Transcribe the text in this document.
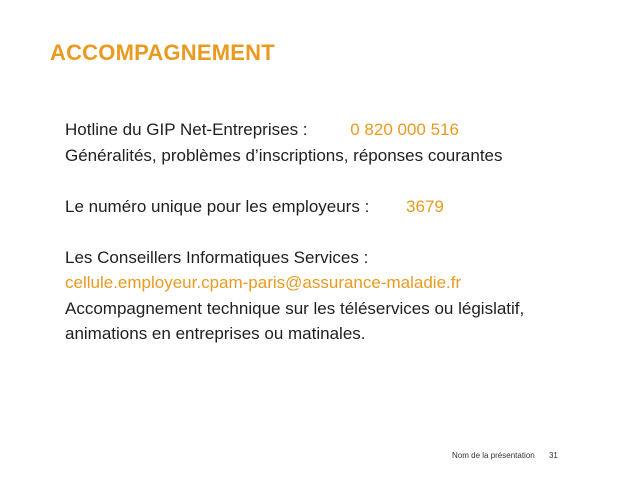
ACCOMPAGNEMENT
Hotline du GIP Net-Entreprises :	0 820 000 516
Généralités, problèmes d’inscriptions, réponses courantes
Le numéro unique pour les employeurs : 3679
Les Conseillers Informatiques Services :
cellule.employeur.cpam-paris@assurance-maladie.fr
Accompagnement technique sur les téléservices ou législatif,
animations en entreprises ou matinales.
Nom de la présentation 31
